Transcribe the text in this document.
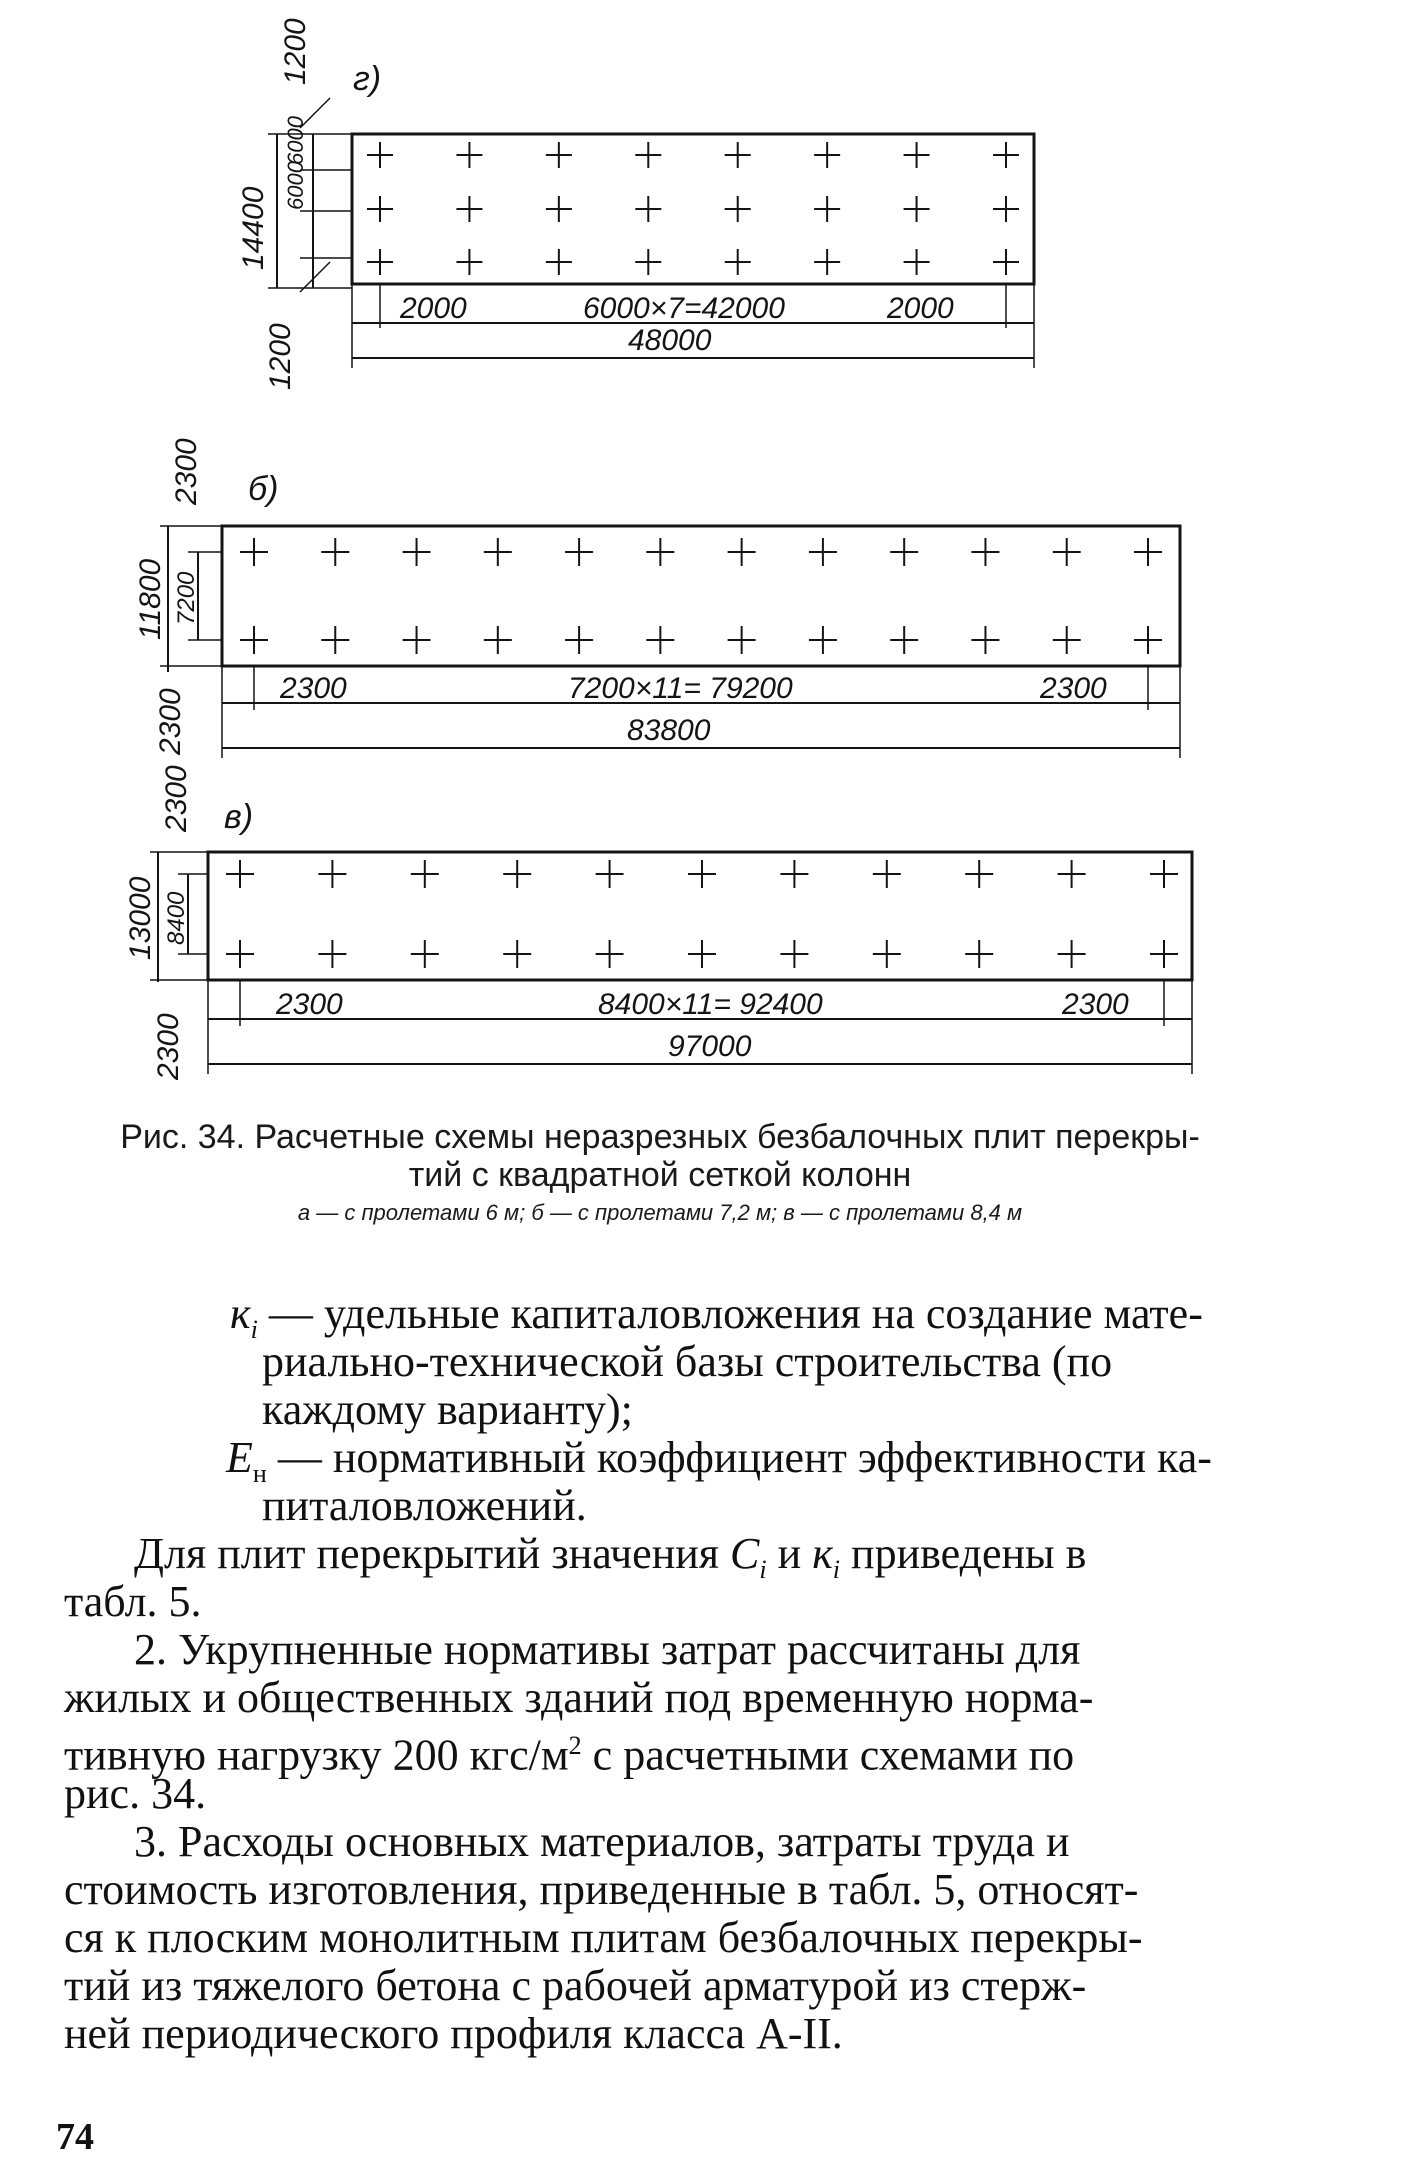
г)
1200
14400
6000
6000
1200
2000	6000×7=42000	2000
48000
б)
2300
11800 7200
2300	2300	7200×11= 79200	2300
83800
в)
2300
13000 8400
2300
2300	8400×11= 92400	2300
97000
Рис. 34. Расчетные схемы неразрезных безбалочных плит перекры-
тий с квадратной сеткой колонн
а — с пролетами 6 м; б — с пролетами 7,2 м; в — с пролетами 8,4 м
$к_i$ — удельные капиталовложения на создание мате-
риально-технической базы строительства (по
каждому варианту);
$Е_н$ — нормативный коэффициент эффективности ка-
питаловложений.
Для плит перекрытий значения $C_i$ и $к_i$ приведены в
табл. 5.
2. Укрупненные нормативы затрат рассчитаны для
жилых и общественных зданий под временную норма-
тивную нагрузку 200 кгс/$м^2$ с расчетными схемами по
рис. 34.
3. Расходы основных материалов, затраты труда и
стоимость изготовления, приведенные в табл. 5, относят-
ся к плоским монолитным плитам безбалочных перекры-
тий из тяжелого бетона с рабочей арматурой из стерж-
ней периодического профиля класса А-II.
74
